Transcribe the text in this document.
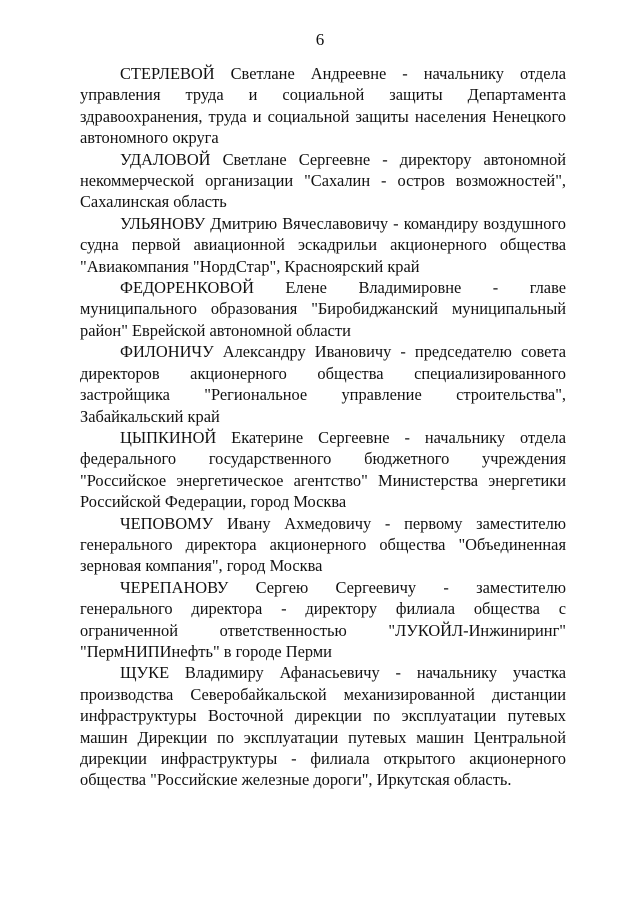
6

СТЕРЛЕВОЙ Светлане Андреевне - начальнику отдела управления труда и социальной защиты Департамента здравоохранения, труда и социальной защиты населения Ненецкого автономного округа

УДАЛОВОЙ Светлане Сергеевне - директору автономной некоммерческой организации "Сахалин - остров возможностей", Сахалинская область

УЛЬЯНОВУ Дмитрию Вячеславовичу - командиру воздушного судна первой авиационной эскадрильи акционерного общества "Авиакомпания "НордСтар", Красноярский край

ФЕДОРЕНКОВОЙ Елене Владимировне - главе муниципального образования "Биробиджанский муниципальный район" Еврейской автономной области

ФИЛОНИЧУ Александру Ивановичу - председателю совета директоров акционерного общества специализированного застройщика "Региональное управление строительства", Забайкальский край

ЦЫПКИНОЙ Екатерине Сергеевне - начальнику отдела федерального государственного бюджетного учреждения "Российское энергетическое агентство" Министерства энергетики Российской Федерации, город Москва

ЧЕПОВОМУ Ивану Ахмедовичу - первому заместителю генерального директора акционерного общества "Объединенная зерновая компания", город Москва

ЧЕРЕПАНОВУ Сергею Сергеевичу - заместителю генерального директора - директору филиала общества с ограниченной ответственностью "ЛУКОЙЛ-Инжиниринг" "ПермНИПИнефть" в городе Перми

ЩУКЕ Владимиру Афанасьевичу - начальнику участка производства Северобайкальской механизированной дистанции инфраструктуры Восточной дирекции по эксплуатации путевых машин Дирекции по эксплуатации путевых машин Центральной дирекции инфраструктуры - филиала открытого акционерного общества "Российские железные дороги", Иркутская область.
